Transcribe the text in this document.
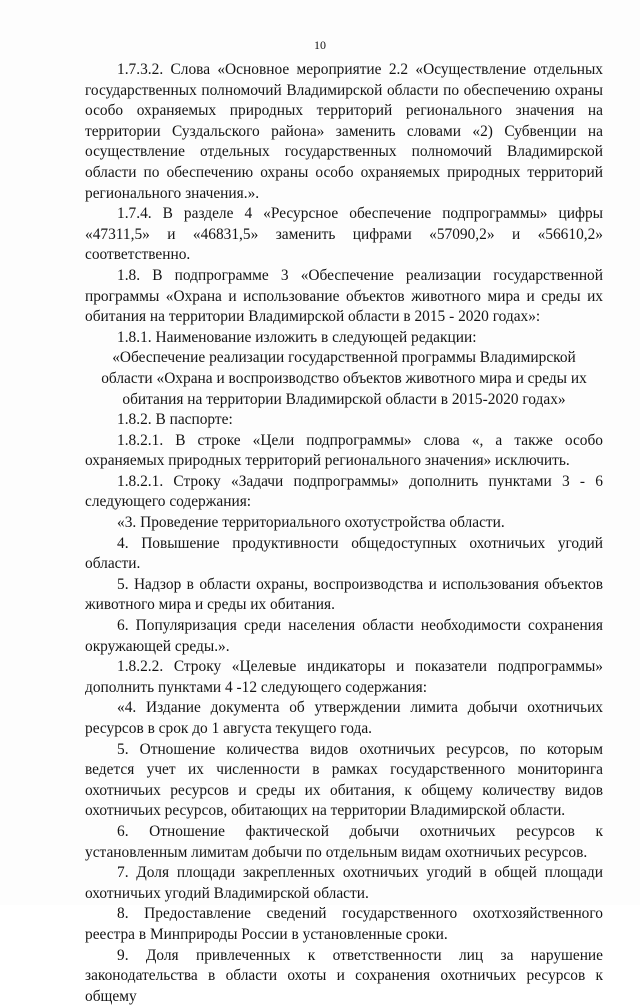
10

1.7.3.2. Слова «Основное мероприятие 2.2 «Осуществление отдельных государственных полномочий Владимирской области по обеспечению охраны особо охраняемых природных территорий регионального значения на территории Суздальского района» заменить словами «2) Субвенции на осуществление отдельных государственных полномочий Владимирской области по обеспечению охраны особо охраняемых природных территорий регионального значения.».

1.7.4. В разделе 4 «Ресурсное обеспечение подпрограммы» цифры «47311,5» и «46831,5» заменить цифрами «57090,2» и «56610,2» соответственно.

1.8. В подпрограмме 3 «Обеспечение реализации государственной программы «Охрана и использование объектов животного мира и среды их обитания на территории Владимирской области в 2015 - 2020 годах»:

1.8.1. Наименование изложить в следующей редакции:

«Обеспечение реализации государственной программы Владимирской области «Охрана и воспроизводство объектов животного мира и среды их обитания на территории Владимирской области в 2015-2020 годах»

1.8.2. В паспорте:

1.8.2.1. В строке «Цели подпрограммы» слова «, а также особо охраняемых природных территорий регионального значения» исключить.

1.8.2.1. Строку «Задачи подпрограммы» дополнить пунктами 3 - 6 следующего содержания:

«3. Проведение территориального охотустройства области.

4. Повышение продуктивности общедоступных охотничьих угодий области.

5. Надзор в области охраны, воспроизводства и использования объектов животного мира и среды их обитания.

6. Популяризация среди населения области необходимости сохранения окружающей среды.».

1.8.2.2. Строку «Целевые индикаторы и показатели подпрограммы» дополнить пунктами 4 -12 следующего содержания:

«4. Издание документа об утверждении лимита добычи охотничьих ресурсов в срок до 1 августа текущего года.

5. Отношение количества видов охотничьих ресурсов, по которым ведется учет их численности в рамках государственного мониторинга охотничьих ресурсов и среды их обитания, к общему количеству видов охотничьих ресурсов, обитающих на территории Владимирской области.

6. Отношение фактической добычи охотничьих ресурсов к установленным лимитам добычи по отдельным видам охотничьих ресурсов.

7. Доля площади закрепленных охотничьих угодий в общей площади охотничьих угодий Владимирской области.

8. Предоставление сведений государственного охотхозяйственного реестра в Минприроды России в установленные сроки.

9. Доля привлеченных к ответственности лиц за нарушение законодательства в области охоты и сохранения охотничьих ресурсов к общему
